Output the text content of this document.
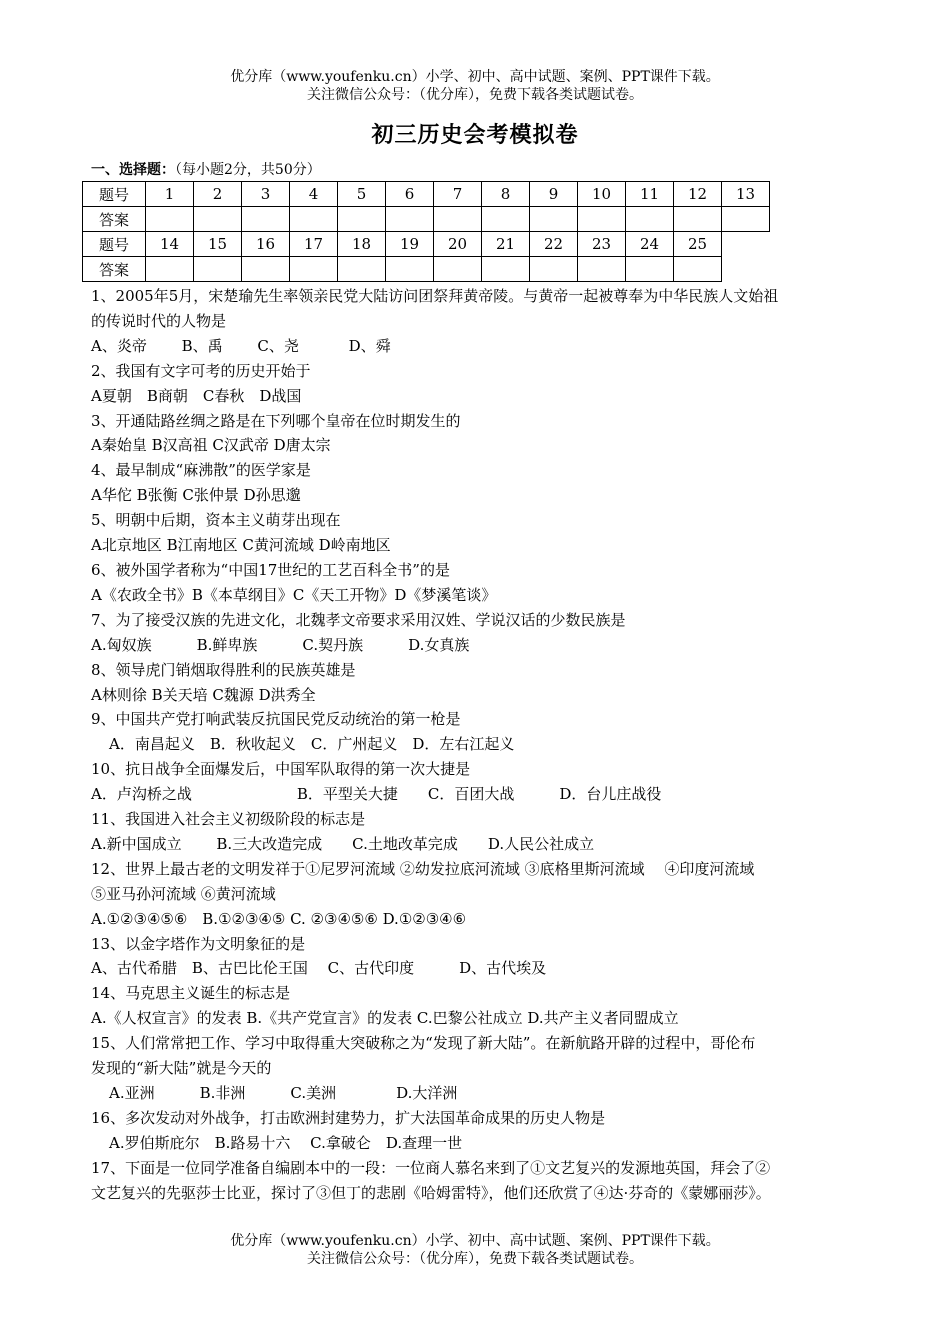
优分库（www.youfenku.cn）小学、初中、高中试题、案例、PPT课件下载。
关注微信公众号：（优分库），免费下载各类试题试卷。
初三历史会考模拟卷
一、选择题：（每小题2分，共50分）
题号	1	2	3	4	5	6	7	8	9	10	11	12	13
答案													
题号	14	15	16	17	18	19	20	21	22	23	24	25	
答案													
1、2005年5月，宋楚瑜先生率领亲民党大陆访问团祭拜黄帝陵。与黄帝一起被尊奉为中华民族人文始祖
的传说时代的人物是
A、炎帝　　 B、禹　　 C、尧　　　 D、舜
2、我国有文字可考的历史开始于
A夏朝　B商朝　C春秋　D战国
3、开通陆路丝绸之路是在下列哪个皇帝在位时期发生的
A秦始皇 B汉高祖 C汉武帝 D唐太宗
4、最早制成“麻沸散”的医学家是
A华佗 B张衡 C张仲景 D孙思邈
5、明朝中后期，资本主义萌芽出现在
A北京地区 B江南地区 C黄河流域 D岭南地区
6、被外国学者称为“中国17世纪的工艺百科全书”的是
A《农政全书》B《本草纲目》C《天工开物》D《梦溪笔谈》
7、为了接受汉族的先进文化，北魏孝文帝要求采用汉姓、学说汉话的少数民族是
A.匈奴族　　　B.鲜卑族　　　C.契丹族　　　D.女真族
8、领导虎门销烟取得胜利的民族英雄是
A林则徐 B关天培 C魏源 D洪秀全
9、中国共产党打响武装反抗国民党反动统治的第一枪是
A．南昌起义　B．秋收起义　C．广州起义　D．左右江起义
10、抗日战争全面爆发后，中国军队取得的第一次大捷是
A．卢沟桥之战　　　　　　　B．平型关大捷　　C．百团大战　　　D．台儿庄战役
11、我国进入社会主义初级阶段的标志是
A.新中国成立　　 B.三大改造完成　　C.土地改革完成　　D.人民公社成立
12、世界上最古老的文明发祥于①尼罗河流域 ②幼发拉底河流域 ③底格里斯河流域　 ④印度河流域
⑤亚马孙河流域 ⑥黄河流域
A.①②③④⑤⑥　B.①②③④⑤ C. ②③④⑤⑥ D.①②③④⑥
13、以金字塔作为文明象征的是
A、古代希腊　B、古巴比伦王国　 C、古代印度　　　D、古代埃及
14、马克思主义诞生的标志是
A.《人权宣言》的发表 B.《共产党宣言》的发表 C.巴黎公社成立 D.共产主义者同盟成立
15、人们常常把工作、学习中取得重大突破称之为“发现了新大陆”。在新航路开辟的过程中，哥伦布
发现的“新大陆”就是今天的
A.亚洲　　　B.非洲　　　C.美洲　　　　D.大洋洲
16、多次发动对外战争，打击欧洲封建势力，扩大法国革命成果的历史人物是
A.罗伯斯庇尔　B.路易十六　 C.拿破仑　D.查理一世
17、下面是一位同学准备自编剧本中的一段：一位商人慕名来到了①文艺复兴的发源地英国，拜会了②
文艺复兴的先驱莎士比亚，探讨了③但丁的悲剧《哈姆雷特》，他们还欣赏了④达·芬奇的《蒙娜丽莎》。
优分库（www.youfenku.cn）小学、初中、高中试题、案例、PPT课件下载。
关注微信公众号：（优分库），免费下载各类试题试卷。
